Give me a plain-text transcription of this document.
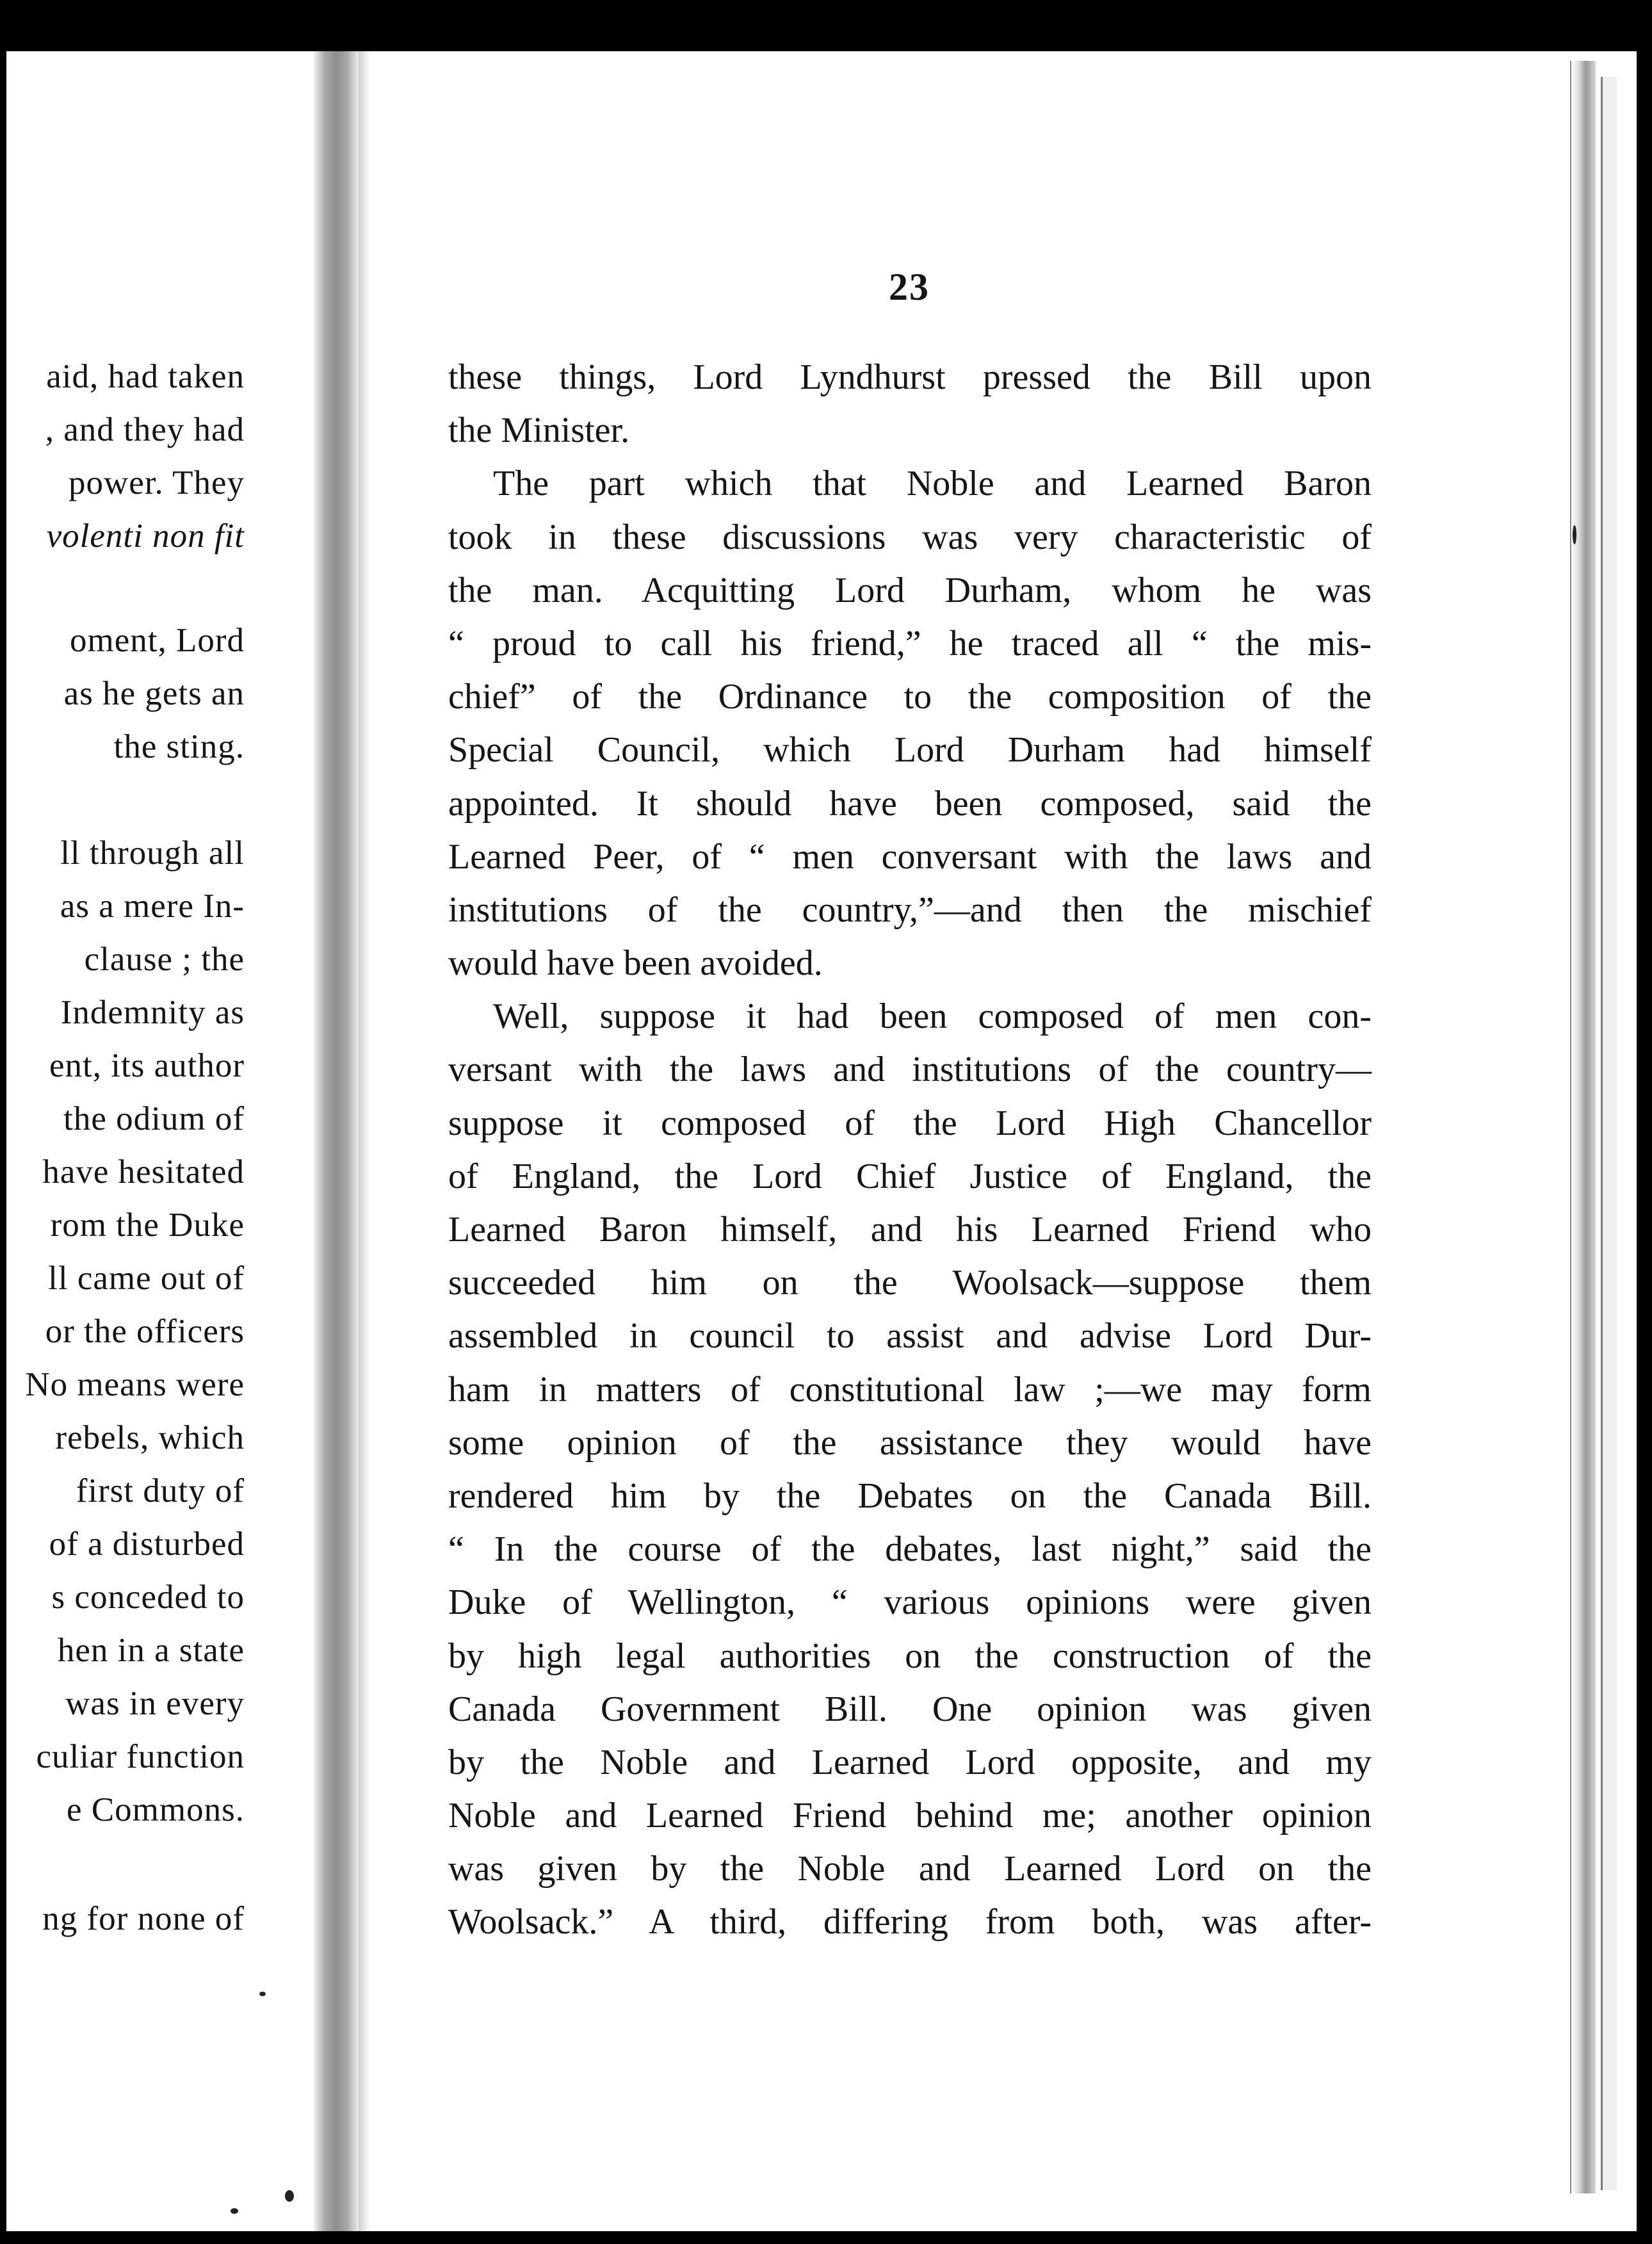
aid, had taken
, and they had
power. They
volenti non fit
oment, Lord
as he gets an
the sting.
ll through all
as a mere In-
clause ; the
Indemnity as
ent, its author
the odium of
have hesitated
rom the Duke
ll came out of
or the officers
No means were
rebels, which
first duty of
of a disturbed
s conceded to
hen in a state
was in every
culiar function
e Commons.
ng for none of
23
these things, Lord Lyndhurst pressed the Bill upon
the Minister.
The part which that Noble and Learned Baron
took in these discussions was very characteristic of
the man. Acquitting Lord Durham, whom he was
“ proud to call his friend,” he traced all “ the mis-
chief” of the Ordinance to the composition of the
Special Council, which Lord Durham had himself
appointed. It should have been composed, said the
Learned Peer, of “ men conversant with the laws and
institutions of the country,”—and then the mischief
would have been avoided.
Well, suppose it had been composed of men con-
versant with the laws and institutions of the country—
suppose it composed of the Lord High Chancellor
of England, the Lord Chief Justice of England, the
Learned Baron himself, and his Learned Friend who
succeeded him on the Woolsack—suppose them
assembled in council to assist and advise Lord Dur-
ham in matters of constitutional law ;—we may form
some opinion of the assistance they would have
rendered him by the Debates on the Canada Bill.
“ In the course of the debates, last night,” said the
Duke of Wellington, “ various opinions were given
by high legal authorities on the construction of the
Canada Government Bill. One opinion was given
by the Noble and Learned Lord opposite, and my
Noble and Learned Friend behind me; another opinion
was given by the Noble and Learned Lord on the
Woolsack.” A third, differing from both, was after-
